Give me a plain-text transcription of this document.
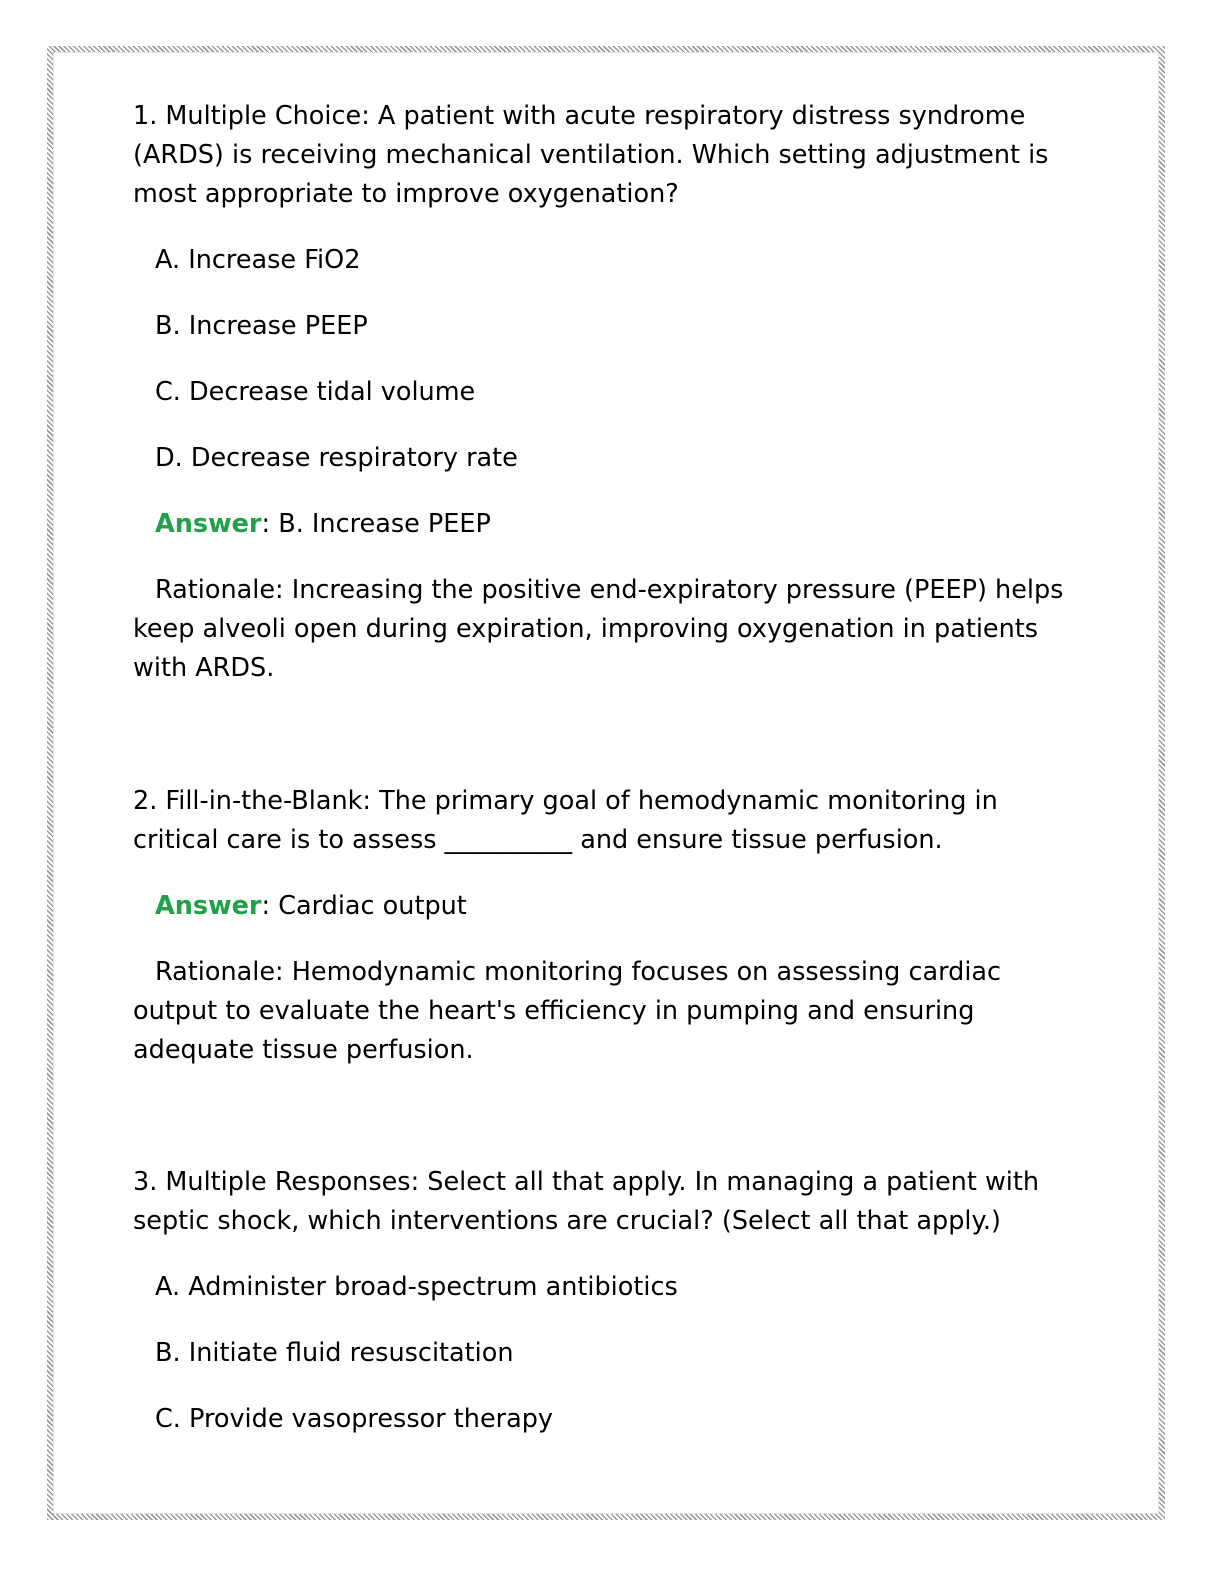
1. Multiple Choice: A patient with acute respiratory distress syndrome (ARDS) is receiving mechanical ventilation. Which setting adjustment is most appropriate to improve oxygenation?

A. Increase FiO2

B. Increase PEEP

C. Decrease tidal volume

D. Decrease respiratory rate

Answer: B. Increase PEEP

Rationale: Increasing the positive end-expiratory pressure (PEEP) helps keep alveoli open during expiration, improving oxygenation in patients with ARDS.

2. Fill-in-the-Blank: The primary goal of hemodynamic monitoring in critical care is to assess __________ and ensure tissue perfusion.

Answer: Cardiac output

Rationale: Hemodynamic monitoring focuses on assessing cardiac output to evaluate the heart's efficiency in pumping and ensuring adequate tissue perfusion.

3. Multiple Responses: Select all that apply. In managing a patient with septic shock, which interventions are crucial? (Select all that apply.)

A. Administer broad-spectrum antibiotics

B. Initiate fluid resuscitation

C. Provide vasopressor therapy
